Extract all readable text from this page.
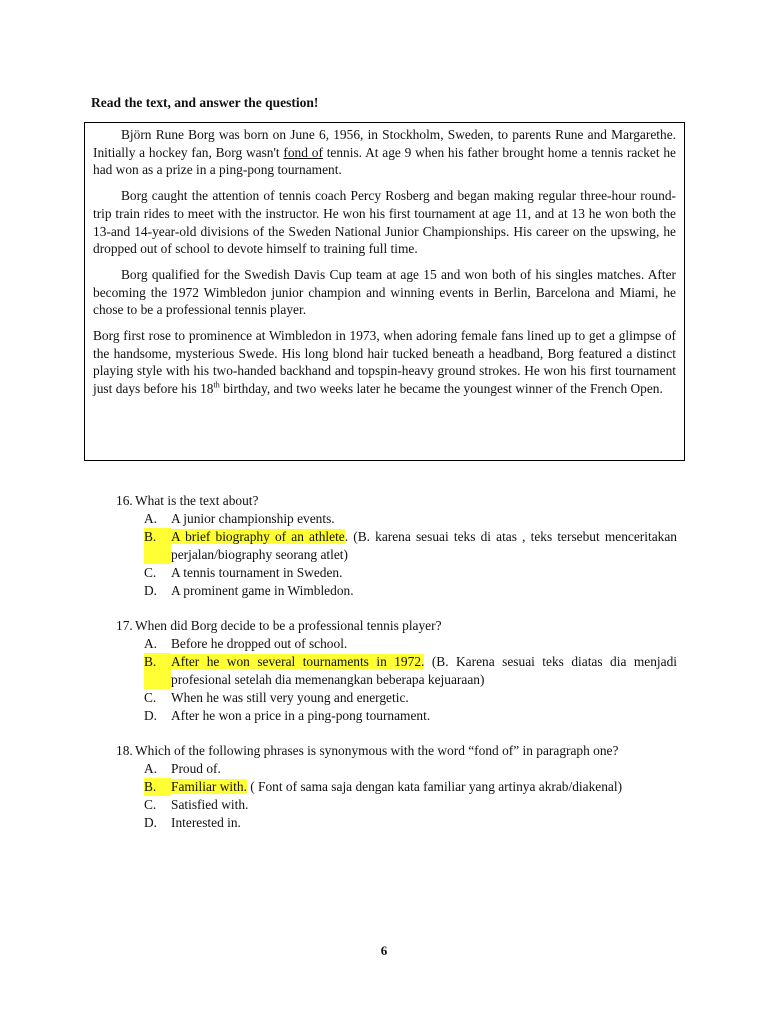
Read the text, and answer the question!

Björn Rune Borg was born on June 6, 1956, in Stockholm, Sweden, to parents Rune and Margarethe. Initially a hockey fan, Borg wasn't fond of tennis. At age 9 when his father brought home a tennis racket he had won as a prize in a ping-pong tournament.

Borg caught the attention of tennis coach Percy Rosberg and began making regular three-hour round-trip train rides to meet with the instructor. He won his first tournament at age 11, and at 13 he won both the 13-and 14-year-old divisions of the Sweden National Junior Championships. His career on the upswing, he dropped out of school to devote himself to training full time.

Borg qualified for the Swedish Davis Cup team at age 15 and won both of his singles matches. After becoming the 1972 Wimbledon junior champion and winning events in Berlin, Barcelona and Miami, he chose to be a professional tennis player.

Borg first rose to prominence at Wimbledon in 1973, when adoring female fans lined up to get a glimpse of the handsome, mysterious Swede. His long blond hair tucked beneath a headband, Borg featured a distinct playing style with his two-handed backhand and topspin-heavy ground strokes. He won his first tournament just days before his 18th birthday, and two weeks later he became the youngest winner of the French Open.

16. What is the text about?
A.	A junior championship events.
B.	A brief biography of an athlete. (B. karena sesuai teks di atas , teks tersebut menceritakan perjalan/biography seorang atlet)
C.	A tennis tournament in Sweden.
D.	A prominent game in Wimbledon.
17. When did Borg decide to be a professional tennis player?
A.	Before he dropped out of school.
B.	After he won several tournaments in 1972. (B. Karena sesuai teks diatas dia menjadi profesional setelah dia memenangkan beberapa kejuaraan)
C.	When he was still very young and energetic.
D.	After he won a price in a ping-pong tournament.
18. Which of the following phrases is synonymous with the word “fond of” in paragraph one?
A.	Proud of.
B.	Familiar with. ( Font of sama saja dengan kata familiar yang artinya akrab/diakenal)
C.	Satisfied with.
D.	Interested in.
6
